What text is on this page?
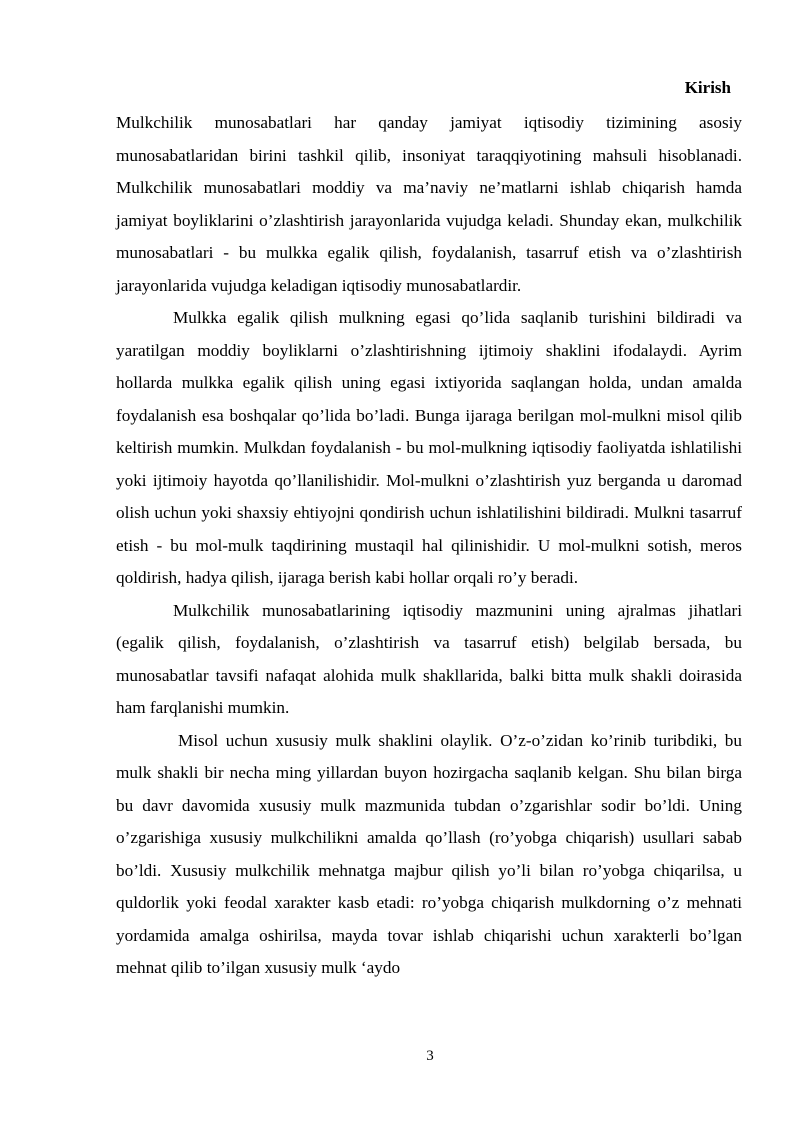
Kirish

Mulkchilik munosabatlari har qanday jamiyat iqtisodiy tizimining asosiy munosabatlaridan birini tashkil qilib, insoniyat taraqqiyotining mahsuli hisoblanadi. Mulkchilik munosabatlari moddiy va ma’naviy ne’matlarni ishlab chiqarish hamda jamiyat boyliklarini o’zlashtirish jarayonlarida vujudga keladi. Shunday ekan, mulkchilik munosabatlari - bu mulkka egalik qilish, foydalanish, tasarruf etish va o’zlashtirish jarayonlarida vujudga keladigan iqtisodiy munosabatlardir.

Mulkka egalik qilish mulkning egasi qo’lida saqlanib turishini bildiradi va yaratilgan moddiy boyliklarni o’zlashtirishning ijtimoiy shaklini ifodalaydi. Ayrim hollarda mulkka egalik qilish uning egasi ixtiyorida saqlangan holda, undan amalda foydalanish esa boshqalar qo’lida bo’ladi. Bunga ijaraga berilgan mol-mulkni misol qilib keltirish mumkin. Mulkdan foydalanish - bu mol-mulkning iqtisodiy faoliyatda ishlatilishi yoki ijtimoiy hayotda qo’llanilishidir. Mol-mulkni o’zlashtirish yuz berganda u daromad olish uchun yoki shaxsiy ehtiyojni qondirish uchun ishlatilishini bildiradi. Mulkni tasarruf etish - bu mol-mulk taqdirining mustaqil hal qilinishidir. U mol-mulkni sotish, meros qoldirish, hadya qilish, ijaraga berish kabi hollar orqali ro’y beradi.

Mulkchilik munosabatlarining iqtisodiy mazmunini uning ajralmas jihatlari (egalik qilish, foydalanish, o’zlashtirish va tasarruf etish) belgilab bersada, bu munosabatlar tavsifi nafaqat alohida mulk shakllarida, balki bitta mulk shakli doirasida ham farqlanishi mumkin.

Misol uchun xususiy mulk shaklini olaylik. O’z-o’zidan ko’rinib turibdiki, bu mulk shakli bir necha ming yillardan buyon hozirgacha saqlanib kelgan. Shu bilan birga bu davr davomida xususiy mulk mazmunida tubdan o’zgarishlar sodir bo’ldi. Uning o’zgarishiga xususiy mulkchilikni amalda qo’llash (ro’yobga chiqarish) usullari sabab bo’ldi. Xususiy mulkchilik mehnatga majbur qilish yo’li bilan ro’yobga chiqarilsa, u quldorlik yoki feodal xarakter kasb etadi: ro’yobga chiqarish mulkdorning o’z mehnati yordamida amalga oshirilsa, mayda tovar ishlab chiqarishi uchun xarakterli bo’lgan mehnat qilib to’ilgan xususiy mulk ‘aydo

3
